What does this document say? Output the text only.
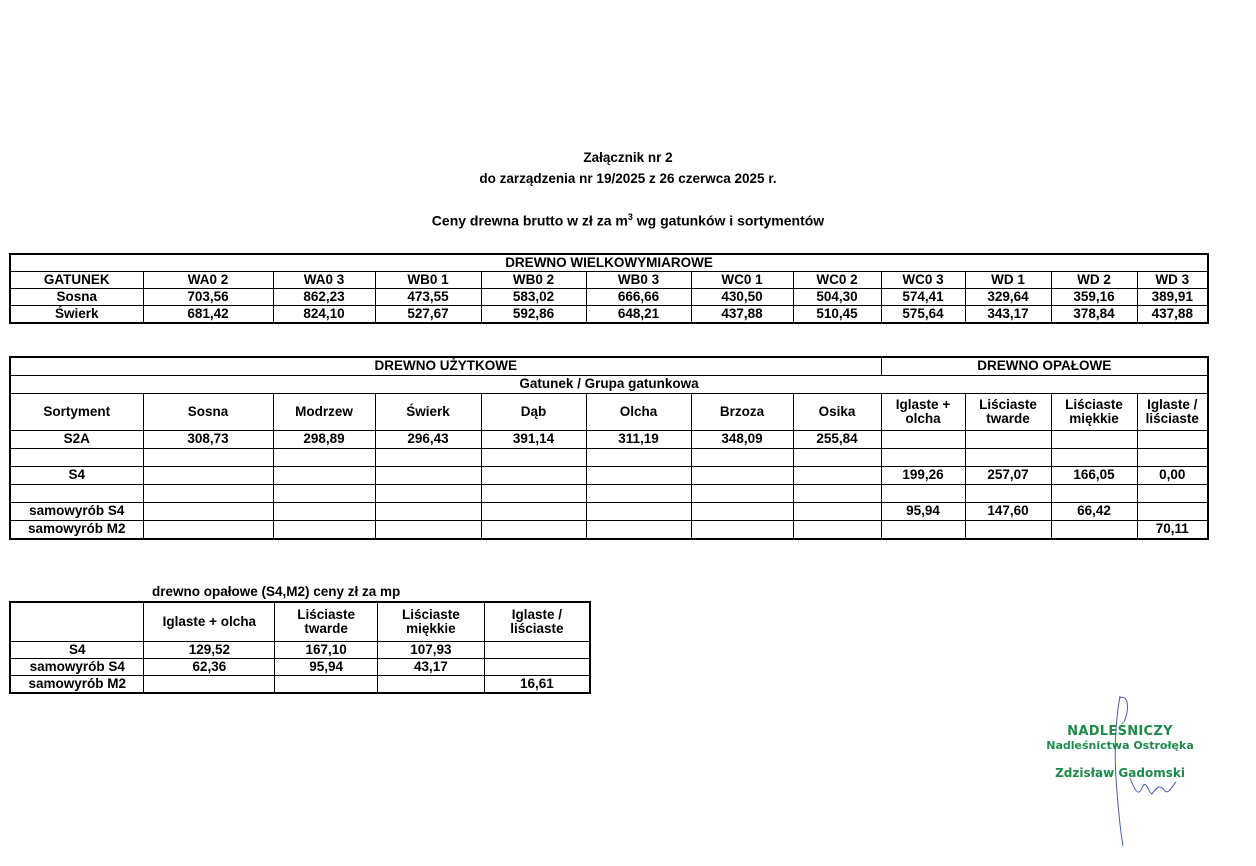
Załącznik nr 2
do zarządzenia nr 19/2025 z 26 czerwca 2025 r.
Ceny drewna brutto w zł za $m^3$ wg gatunków i sortymentów
DREWNO WIELKOWYMIAROWE											
GATUNEK	WA0 2	WA0 3	WB0 1	WB0 2	WB0 3	WC0 1	WC0 2	WC0 3	WD 1	WD 2	WD 3
Sosna	703,56	862,23	473,55	583,02	666,66	430,50	504,30	574,41	329,64	359,16	389,91
Świerk	681,42	824,10	527,67	592,86	648,21	437,88	510,45	575,64	343,17	378,84	437,88
DREWNO UŻYTKOWE								DREWNO OPAŁOWE			
Gatunek / Grupa gatunkowa											
Sortyment	Sosna	Modrzew	Świerk	Dąb	Olcha	Brzoza	Osika	Iglaste + olcha	Liściaste twarde	Liściaste miękkie	Iglaste / liściaste
S2A	308,73	298,89	296,43	391,14	311,19	348,09	255,84				

S4								199,26	257,07	166,05	0,00

samowyrób S4								95,94	147,60	66,42	
samowyrób M2											70,11
drewno opałowe (S4,M2) ceny zł za mp
	Iglaste + olcha	Liściaste twarde	Liściaste miękkie	Iglaste / liściaste
S4	129,52	167,10	107,93	
samowyrób S4	62,36	95,94	43,17	
samowyrób M2				16,61
NADLEŚNICZY
Nadleśnictwa Ostrołęka
Zdzisław Gadomski
